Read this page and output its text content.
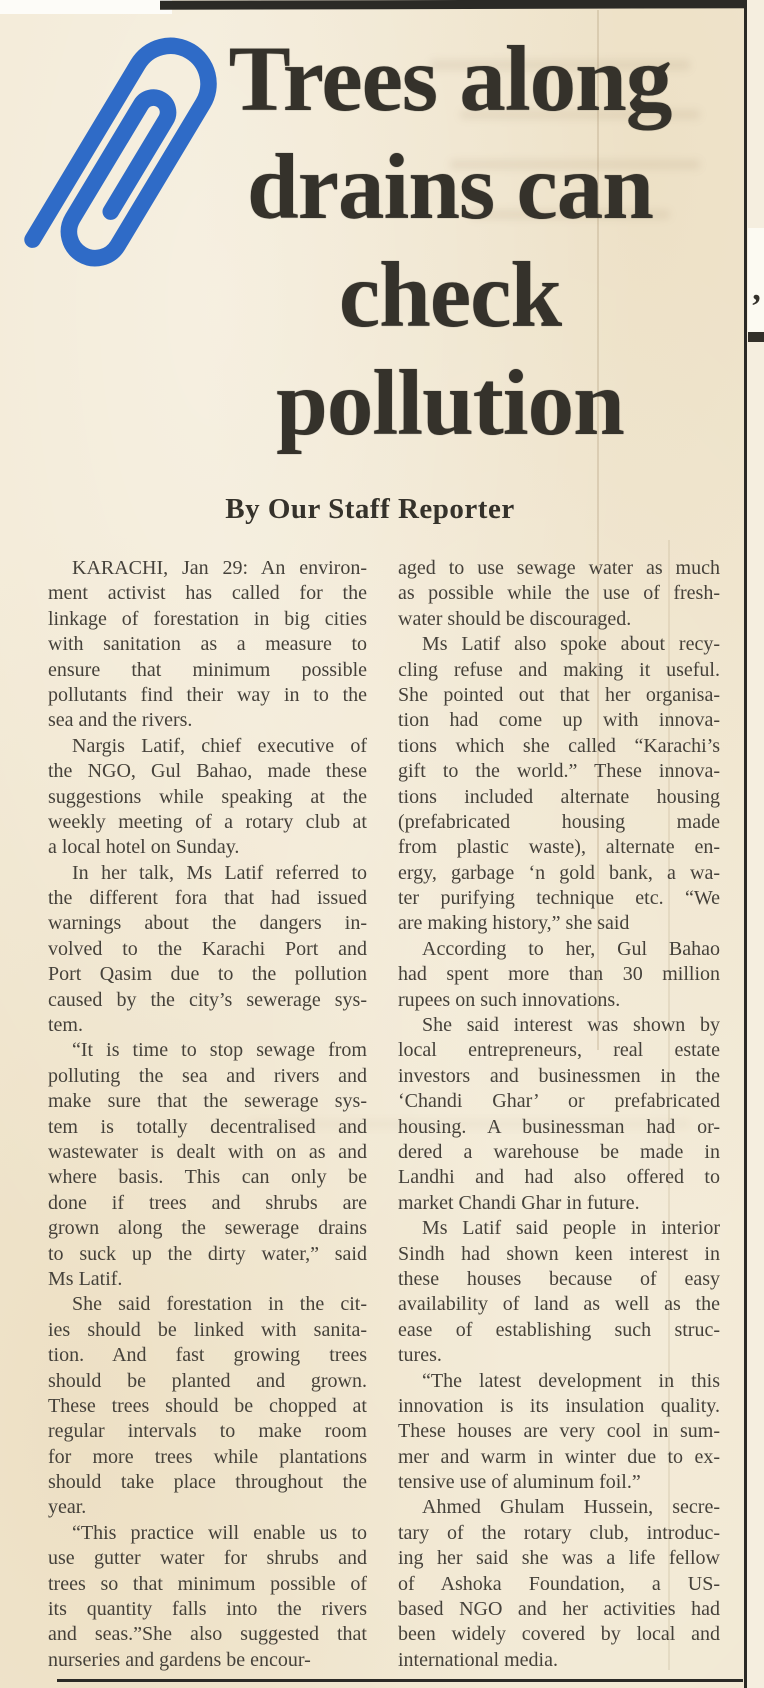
’
Trees along
drains can
check
pollution
By Our Staff Reporter

KARACHI, Jan 29: An environ-
ment activist has called for the
linkage of forestation in big cities
with sanitation as a measure to
ensure that minimum possible
pollutants find their way in to the
sea and the rivers.

Nargis Latif, chief executive of
the NGO, Gul Bahao, made these
suggestions while speaking at the
weekly meeting of a rotary club at
a local hotel on Sunday.

In her talk, Ms Latif referred to
the different fora that had issued
warnings about the dangers in-
volved to the Karachi Port and
Port Qasim due to the pollution
caused by the city’s sewerage sys-
tem.

“It is time to stop sewage from
polluting the sea and rivers and
make sure that the sewerage sys-
tem is totally decentralised and
wastewater is dealt with on as and
where basis. This can only be
done if trees and shrubs are
grown along the sewerage drains
to suck up the dirty water,” said
Ms Latif.

She said forestation in the cit-
ies should be linked with sanita-
tion. And fast growing trees
should be planted and grown.
These trees should be chopped at
regular intervals to make room
for more trees while plantations
should take place throughout the
year.

“This practice will enable us to
use gutter water for shrubs and
trees so that minimum possible of
its quantity falls into the rivers
and seas.”She also suggested that
nurseries and gardens be encour-

aged to use sewage water as much
as possible while the use of fresh-
water should be discouraged.

Ms Latif also spoke about recy-
cling refuse and making it useful.
She pointed out that her organisa-
tion had come up with innova-
tions which she called “Karachi’s
gift to the world.” These innova-
tions included alternate housing
(prefabricated housing made
from plastic waste), alternate en-
ergy, garbage ‘n gold bank, a wa-
ter purifying technique etc. “We
are making history,” she said

According to her, Gul Bahao
had spent more than 30 million
rupees on such innovations.

She said interest was shown by
local entrepreneurs, real estate
investors and businessmen in the
‘Chandi Ghar’ or prefabricated
housing. A businessman had or-
dered a warehouse be made in
Landhi and had also offered to
market Chandi Ghar in future.

Ms Latif said people in interior
Sindh had shown keen interest in
these houses because of easy
availability of land as well as the
ease of establishing such struc-
tures.

“The latest development in this
innovation is its insulation quality.
These houses are very cool in sum-
mer and warm in winter due to ex-
tensive use of aluminum foil.”

Ahmed Ghulam Hussein, secre-
tary of the rotary club, introduc-
ing her said she was a life fellow
of Ashoka Foundation, a US-
based NGO and her activities had
been widely covered by local and
international media.
